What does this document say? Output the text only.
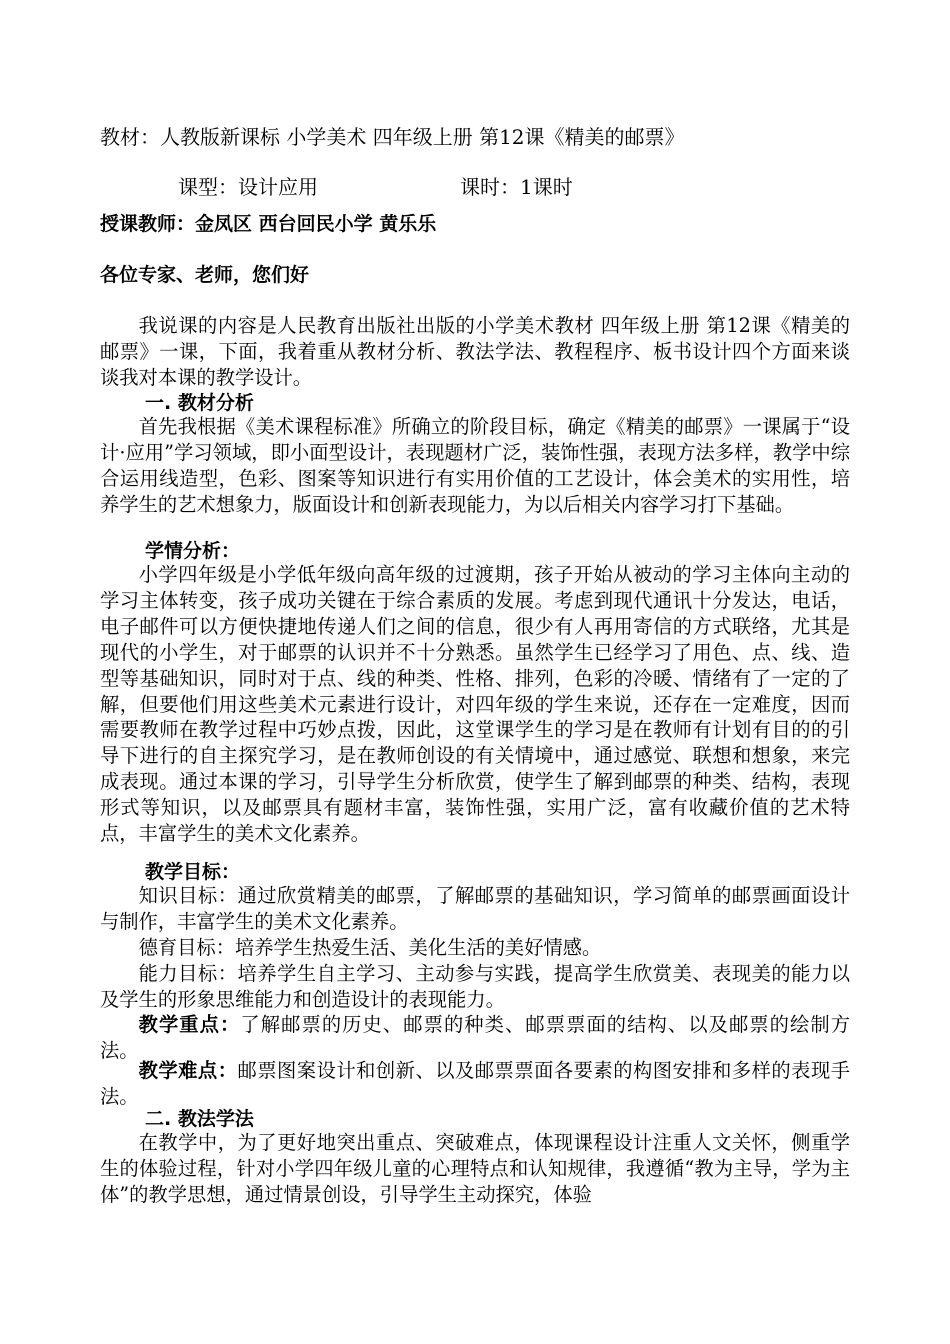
教材：人教版新课标 小学美术 四年级上册 第12课《精美的邮票》
课型：设计应用	课时：1课时
授课教师：金凤区 西台回民小学 黄乐乐
各位专家、老师，您们好
我说课的内容是人民教育出版社出版的小学美术教材 四年级上册 第12课《精美的邮票》一课，下面，我着重从教材分析、教法学法、教程程序、板书设计四个方面来谈谈我对本课的教学设计。
一. 教材分析
首先我根据《美术课程标准》所确立的阶段目标，确定《精美的邮票》一课属于“设计·应用”学习领域，即小面型设计，表现题材广泛，装饰性强，表现方法多样，教学中综合运用线造型，色彩、图案等知识进行有实用价值的工艺设计，体会美术的实用性，培养学生的艺术想象力，版面设计和创新表现能力，为以后相关内容学习打下基础。
学情分析：
小学四年级是小学低年级向高年级的过渡期，孩子开始从被动的学习主体向主动的学习主体转变，孩子成功关键在于综合素质的发展。考虑到现代通讯十分发达，电话，电子邮件可以方便快捷地传递人们之间的信息，很少有人再用寄信的方式联络，尤其是现代的小学生，对于邮票的认识并不十分熟悉。虽然学生已经学习了用色、点、线、造型等基础知识，同时对于点、线的种类、性格、排列，色彩的冷暖、情绪有了一定的了解，但要他们用这些美术元素进行设计，对四年级的学生来说，还存在一定难度，因而需要教师在教学过程中巧妙点拨，因此，这堂课学生的学习是在教师有计划有目的的引导下进行的自主探究学习，是在教师创设的有关情境中，通过感觉、联想和想象，来完成表现。通过本课的学习，引导学生分析欣赏，使学生了解到邮票的种类、结构，表现形式等知识，以及邮票具有题材丰富，装饰性强，实用广泛，富有收藏价值的艺术特点，丰富学生的美术文化素养。
教学目标：
知识目标：通过欣赏精美的邮票，了解邮票的基础知识，学习简单的邮票画面设计与制作，丰富学生的美术文化素养。
德育目标：培养学生热爱生活、美化生活的美好情感。
能力目标：培养学生自主学习、主动参与实践，提高学生欣赏美、表现美的能力以及学生的形象思维能力和创造设计的表现能力。
教学重点：了解邮票的历史、邮票的种类、邮票票面的结构、以及邮票的绘制方法。
教学难点：邮票图案设计和创新、以及邮票票面各要素的构图安排和多样的表现手法。
二. 教法学法
在教学中，为了更好地突出重点、突破难点，体现课程设计注重人文关怀，侧重学生的体验过程，针对小学四年级儿童的心理特点和认知规律，我遵循“教为主导，学为主体”的教学思想，通过情景创设，引导学生主动探究，体验
